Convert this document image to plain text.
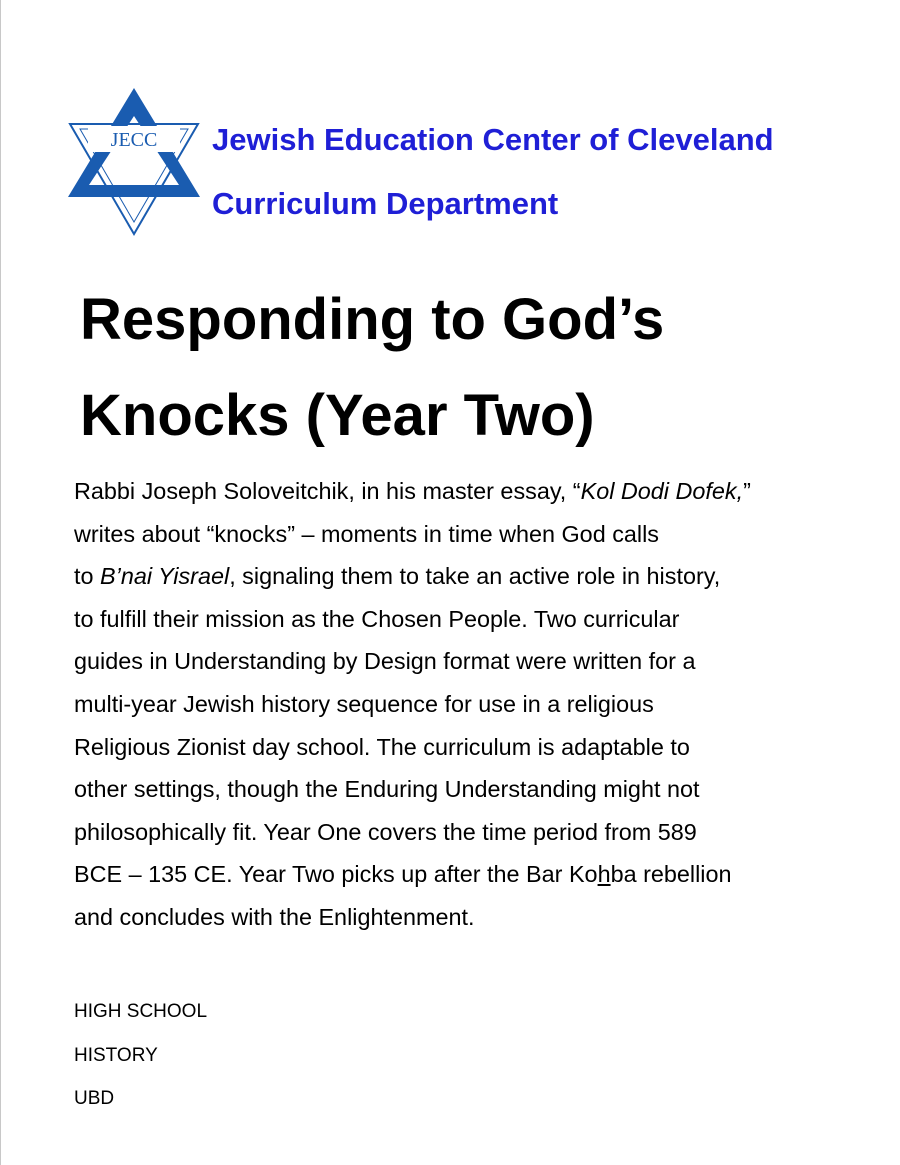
JECC Jewish Education Center of Cleveland
Curriculum Department
Responding to God’s
Knocks (Year Two)
Rabbi Joseph Soloveitchik, in his master essay, “Kol Dodi Dofek,”
writes about “knocks” – moments in time when God calls
to B’nai Yisrael, signaling them to take an active role in history,
to fulfill their mission as the Chosen People. Two curricular
guides in Understanding by Design format were written for a
multi-year Jewish history sequence for use in a religious
Religious Zionist day school. The curriculum is adaptable to
other settings, though the Enduring Understanding might not
philosophically fit. Year One covers the time period from 589
BCE – 135 CE. Year Two picks up after the Bar Kohba rebellion
and concludes with the Enlightenment.
HIGH SCHOOL
HISTORY
UBD
